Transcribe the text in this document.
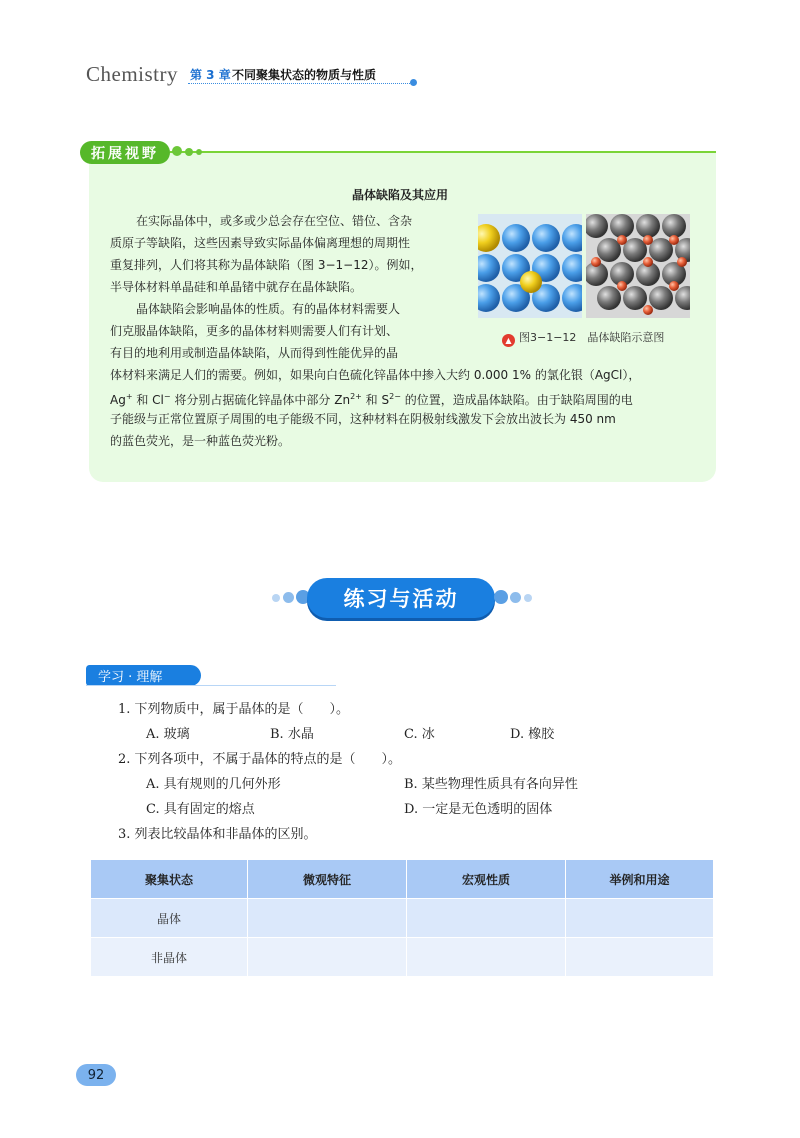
Chemistry 第 3 章 不同聚集状态的物质与性质
拓展视野
晶体缺陷及其应用
在实际晶体中，或多或少总会存在空位、错位、含杂
质原子等缺陷，这些因素导致实际晶体偏离理想的周期性
重复排列，人们将其称为晶体缺陷（图 3−1−12）。例如，
半导体材料单晶硅和单晶锗中就存在晶体缺陷。
晶体缺陷会影响晶体的性质。有的晶体材料需要人
们克服晶体缺陷，更多的晶体材料则需要人们有计划、
有目的地利用或制造晶体缺陷，从而得到性能优异的晶
体材料来满足人们的需要。例如，如果向白色硫化锌晶体中掺入大约 0.000 1% 的氯化银（AgCl），
Ag+ 和 Cl− 将分别占据硫化锌晶体中部分 $Zn^{2+}$ 和 $S^{2-}$ 的位置，造成晶体缺陷。由于缺陷周围的电
子能级与正常位置原子周围的电子能级不同，这种材料在阴极射线激发下会放出波长为 450 nm
的蓝色荧光，是一种蓝色荧光粉。
▲ 图3−1−12　晶体缺陷示意图
练习与活动
学习 · 理解
1. 下列物质中，属于晶体的是（　　）。
A. 玻璃	B. 水晶	C. 冰	D. 橡胶
2. 下列各项中，不属于晶体的特点的是（　　）。
A. 具有规则的几何外形	B. 某些物理性质具有各向异性
C. 具有固定的熔点	D. 一定是无色透明的固体
3. 列表比较晶体和非晶体的区别。
聚集状态	微观特征	宏观性质	举例和用途
晶体			
非晶体			
92
